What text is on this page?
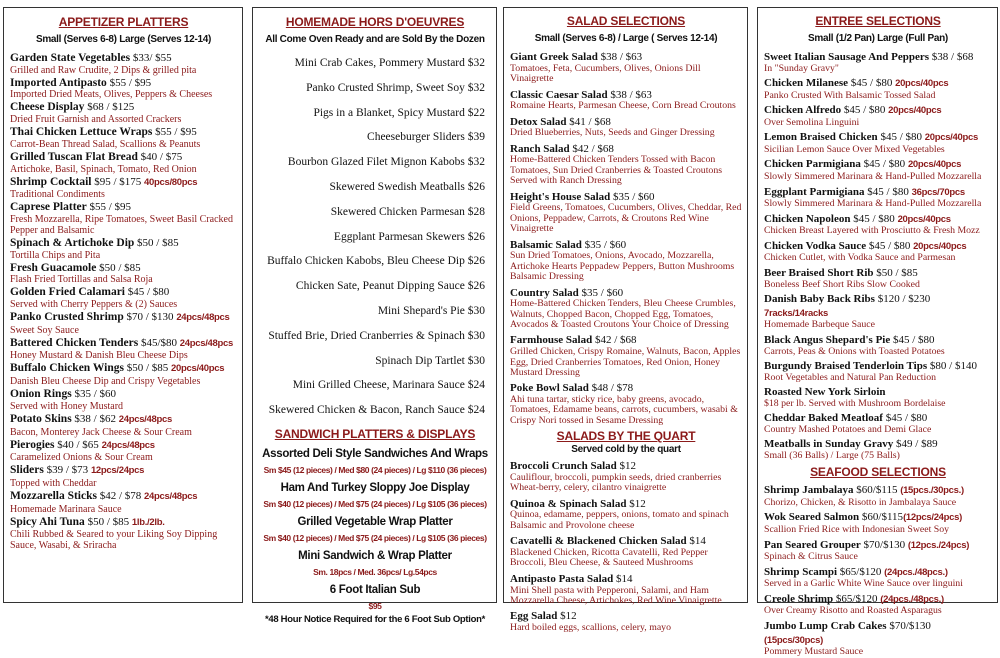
APPETIZER PLATTERS
Small (Serves 6-8) Large (Serves 12-14)
Garden State Vegetables $33/ $55
Grilled and Raw Crudite, 2 Dips & grilled pita
Imported Antipasto $55 / $95
Imported Dried Meats, Olives, Peppers & Cheeses
Cheese Display $68 / $125
Dried Fruit Garnish and Assorted Crackers
Thai Chicken Lettuce Wraps $55 / $95
Carrot-Bean Thread Salad, Scallions & Peanuts
Grilled Tuscan Flat Bread $40 / $75
Artichoke, Basil, Spinach, Tomato, Red Onion
Shrimp Cocktail $95 / $175 40pcs/80pcs
Traditional Condiments
Caprese Platter $55 / $95
Fresh Mozzarella, Ripe Tomatoes, Sweet Basil Cracked Pepper and Balsamic
Spinach & Artichoke Dip $50 / $85
Tortilla Chips and Pita
Fresh Guacamole $50 / $85
Flash Fried Tortillas and Salsa Roja
Golden Fried Calamari $45 / $80
Served with Cherry Peppers & (2) Sauces
Panko Crusted Shrimp $70 / $130 24pcs/48pcs
Sweet Soy Sauce
Battered Chicken Tenders $45/$80 24pcs/48pcs
Honey Mustard & Danish Bleu Cheese Dips
Buffalo Chicken Wings $50 / $85 20pcs/40pcs
Danish Bleu Cheese Dip and Crispy Vegetables
Onion Rings $35 / $60
Served with Honey Mustard
Potato Skins $38 / $62 24pcs/48pcs
Bacon, Monterey Jack Cheese & Sour Cream
Pierogies $40 / $65 24pcs/48pcs
Caramelized Onions & Sour Cream
Sliders $39 / $73 12pcs/24pcs
Topped with Cheddar
Mozzarella Sticks $42 / $78 24pcs/48pcs
Homemade Marinara Sauce
Spicy Ahi Tuna $50 / $85 1lb./2lb.
Chili Rubbed & Seared to your Liking Soy Dipping Sauce, Wasabi, & Sriracha
HOMEMADE HORS D'OEUVRES
All Come Oven Ready and are Sold By the Dozen
Mini Crab Cakes, Pommery Mustard $32
Panko Crusted Shrimp, Sweet Soy $32
Pigs in a Blanket, Spicy Mustard $22
Cheeseburger Sliders $39
Bourbon Glazed Filet Mignon Kabobs $32
Skewered Swedish Meatballs $26
Skewered Chicken Parmesan $28
Eggplant Parmesan Skewers $26
Buffalo Chicken Kabobs, Bleu Cheese Dip $26
Chicken Sate, Peanut Dipping Sauce $26
Mini Shepard's Pie $30
Stuffed Brie, Dried Cranberries & Spinach $30
Spinach Dip Tartlet $30
Mini Grilled Cheese, Marinara Sauce $24
Skewered Chicken & Bacon, Ranch Sauce $24
SANDWICH PLATTERS & DISPLAYS
Assorted Deli Style Sandwiches And Wraps
Sm $45 (12 pieces) / Med $80 (24 pieces) / Lg $110 (36 pieces)
Ham And Turkey Sloppy Joe Display
Sm $40 (12 pieces) / Med $75 (24 pieces) / Lg $105 (36 pieces)
Grilled Vegetable Wrap Platter
Sm $40 (12 pieces) / Med $75 (24 pieces) / Lg $105 (36 pieces)
Mini Sandwich & Wrap Platter
Sm. 18pcs / Med. 36pcs/ Lg.54pcs
6 Foot Italian Sub
$95
*48 Hour Notice Required for the 6 Foot Sub Option*
SALAD SELECTIONS
Small (Serves 6-8) / Large ( Serves 12-14)
Giant Greek Salad $38 / $63
Tomatoes, Feta, Cucumbers, Olives, Onions Dill Vinaigrette
Classic Caesar Salad $38 / $63
Romaine Hearts, Parmesan Cheese, Corn Bread Croutons
Detox Salad $41 / $68
Dried Blueberries, Nuts, Seeds and Ginger Dressing
Ranch Salad $42 / $68
Home-Battered Chicken Tenders Tossed with Bacon Tomatoes, Sun Dried Cranberries & Toasted Croutons Served with Ranch Dressing
Height's House Salad $35 / $60
Field Greens, Tomatoes, Cucumbers, Olives, Cheddar, Red Onions, Peppadew, Carrots, & Croutons Red Wine Vinaigrette
Balsamic Salad $35 / $60
Sun Dried Tomatoes, Onions, Avocado, Mozzarella, Artichoke Hearts Peppadew Peppers, Button Mushrooms Balsamic Dressing
Country Salad $35 / $60
Home-Battered Chicken Tenders, Bleu Cheese Crumbles, Walnuts, Chopped Bacon, Chopped Egg, Tomatoes, Avocados & Toasted Croutons Your Choice of Dressing
Farmhouse Salad $42 / $68
Grilled Chicken, Crispy Romaine, Walnuts, Bacon, Apples Egg, Dried Cranberries Tomatoes, Red Onion, Honey Mustard Dressing
Poke Bowl Salad $48 / $78
Ahi tuna tartar, sticky rice, baby greens, avocado, Tomatoes, Edamame beans, carrots, cucumbers, wasabi & Crispy Nori tossed in Sesame Dressing
SALADS BY THE QUART
Served cold by the quart
Broccoli Crunch Salad $12
Cauliflour, broccoli, pumpkin seeds, dried cranberries Wheat-berry, celery, cilantro vinaigrette
Quinoa & Spinach Salad $12
Quinoa, edamame, peppers, onions, tomato and spinach Balsamic and Provolone cheese
Cavatelli & Blackened Chicken Salad $14
Blackened Chicken, Ricotta Cavatelli, Red Pepper Broccoli, Bleu Cheese, & Sauteed Mushrooms
Antipasto Pasta Salad $14
Mini Shell pasta with Pepperoni, Salami, and Ham Mozzarella Cheese, Artichokes, Red Wine Vinaigrette
Egg Salad $12
Hard boiled eggs, scallions, celery, mayo
ENTREE SELECTIONS
Small (1/2 Pan) Large (Full Pan)
Sweet Italian Sausage And Peppers $38 / $68
In "Sunday Gravy"
Chicken Milanese $45 / $80 20pcs/40pcs
Panko Crusted With Balsamic Tossed Salad
Chicken Alfredo $45 / $80 20pcs/40pcs
Over Semolina Linguini
Lemon Braised Chicken $45 / $80 20pcs/40pcs
Sicilian Lemon Sauce Over Mixed Vegetables
Chicken Parmigiana $45 / $80 20pcs/40pcs
Slowly Simmered Marinara & Hand-Pulled Mozzarella
Eggplant Parmigiana $45 / $80 36pcs/70pcs
Slowly Simmered Marinara & Hand-Pulled Mozzarella
Chicken Napoleon $45 / $80 20pcs/40pcs
Chicken Breast Layered with Prosciutto & Fresh Mozz
Chicken Vodka Sauce $45 / $80 20pcs/40pcs
Chicken Cutlet, with Vodka Sauce and Parmesan
Beer Braised Short Rib $50 / $85
Boneless Beef Short Ribs Slow Cooked
Danish Baby Back Ribs $120 / $230 7racks/14racks
Homemade Barbeque Sauce
Black Angus Shepard's Pie $45 / $80
Carrots, Peas & Onions with Toasted Potatoes
Burgundy Braised Tenderloin Tips $80 / $140
Root Vegetables and Natural Pan Reduction
Roasted New York Sirloin
$18 per lb. Served with Mushroom Bordelaise
Cheddar Baked Meatloaf $45 / $80
Country Mashed Potatoes and Demi Glace
Meatballs in Sunday Gravy $49 / $89
Small (36 Balls) / Large (75 Balls)
SEAFOOD SELECTIONS
Shrimp Jambalaya $60/$115 (15pcs./30pcs.)
Chorizo, Chicken, & Risotto in Jambalaya Sauce
Wok Seared Salmon $60/$115(12pcs/24pcs)
Scallion Fried Rice with Indonesian Sweet Soy
Pan Seared Grouper $70/$130 (12pcs./24pcs)
Spinach & Citrus Sauce
Shrimp Scampi $65/$120 (24pcs./48pcs.)
Served in a Garlic White Wine Sauce over linguini
Creole Shrimp $65/$120 (24pcs./48pcs.)
Over Creamy Risotto and Roasted Asparagus
Jumbo Lump Crab Cakes $70/$130 (15pcs/30pcs)
Pommery Mustard Sauce
